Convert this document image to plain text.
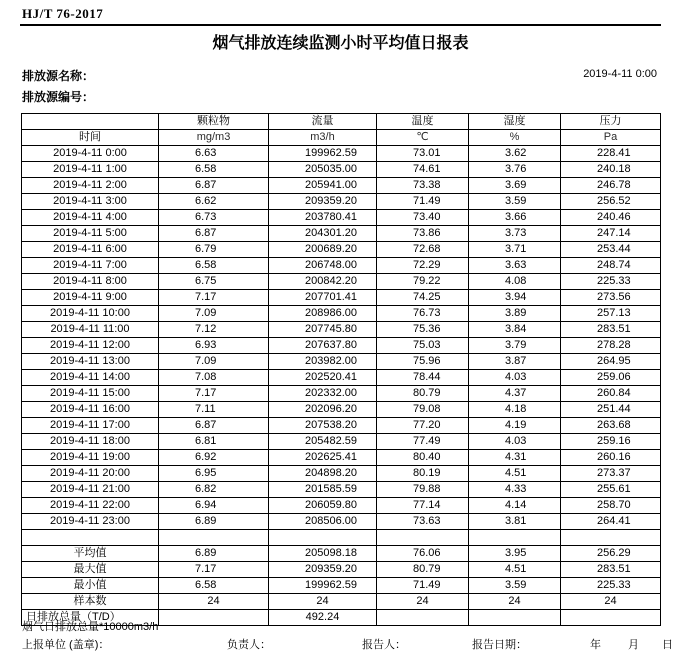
HJ/T 76-2017
烟气排放连续监测小时平均值日报表
排放源名称：
排放源编号：
2019-4-11 0:00
	颗粒物	流量	温度	湿度	压力
时间	mg/m3	m3/h	℃	%	Pa
2019-4-11 0:00	6.63	199962.59	73.01	3.62	228.41
2019-4-11 1:00	6.58	205035.00	74.61	3.76	240.18
2019-4-11 2:00	6.87	205941.00	73.38	3.69	246.78
2019-4-11 3:00	6.62	209359.20	71.49	3.59	256.52
2019-4-11 4:00	6.73	203780.41	73.40	3.66	240.46
2019-4-11 5:00	6.87	204301.20	73.86	3.73	247.14
2019-4-11 6:00	6.79	200689.20	72.68	3.71	253.44
2019-4-11 7:00	6.58	206748.00	72.29	3.63	248.74
2019-4-11 8:00	6.75	200842.20	79.22	4.08	225.33
2019-4-11 9:00	7.17	207701.41	74.25	3.94	273.56
2019-4-11 10:00	7.09	208986.00	76.73	3.89	257.13
2019-4-11 11:00	7.12	207745.80	75.36	3.84	283.51
2019-4-11 12:00	6.93	207637.80	75.03	3.79	278.28
2019-4-11 13:00	7.09	203982.00	75.96	3.87	264.95
2019-4-11 14:00	7.08	202520.41	78.44	4.03	259.06
2019-4-11 15:00	7.17	202332.00	80.79	4.37	260.84
2019-4-11 16:00	7.11	202096.20	79.08	4.18	251.44
2019-4-11 17:00	6.87	207538.20	77.20	4.19	263.68
2019-4-11 18:00	6.81	205482.59	77.49	4.03	259.16
2019-4-11 19:00	6.92	202625.41	80.40	4.31	260.16
2019-4-11 20:00	6.95	204898.20	80.19	4.51	273.37
2019-4-11 21:00	6.82	201585.59	79.88	4.33	255.61
2019-4-11 22:00	6.94	206059.80	77.14	4.14	258.70
2019-4-11 23:00	6.89	208506.00	73.63	3.81	264.41

平均值	6.89	205098.18	76.06	3.95	256.29
最大值	7.17	209359.20	80.79	4.51	283.51
最小值	6.58	199962.59	71.49	3.59	225.33
样本数	24	24	24	24	24
日排放总量（T/D）		492.24			
烟气日排放总量*10000m3/h
上报单位 (盖章)：	负责人：	报告人：	报告日期：	年 月 日
